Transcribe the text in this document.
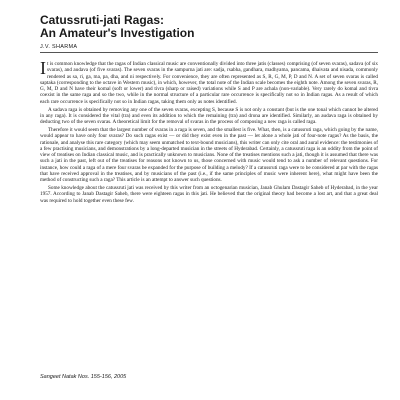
Catussruti-jati Ragas:
An Amateur's Investigation
J.V. SHARMA

It is common knowledge that the ragas of Indian classical music are conventionally divided into three jatis (classes) comprising (of seven svaras), sadava (of six svaras), and audava (of five svaras). The seven svaras in the sampurna jati are: sadja, rsabha, gandhara, madhyama, pancama, dhaivata and nisada, commonly rendered as sa, ri, ga, ma, pa, dha, and ni respectively. For convenience, they are often represented as S, R, G, M, P, D and N. A set of seven svaras is called saptaka (corresponding to the octave in Western music), in which, however, the total note of the Indian scale becomes the eighth note. Among the seven svaras, R, G, M, D and N have their komal (soft or lower) and tivra (sharp or raised) variations while S and P are achala (non-variable). Very rarely do komal and tivra coexist in the same raga and so the two, while in the normal structure of a particular rare occurrence is specifically not so in Indian ragas. As a result of which each rare occurrence is specifically not so in Indian ragas, taking them only as notes identified.

A sadava raga is obtained by removing any one of the seven svaras, excepting S, because S is not only a constant (but is the one tonal which cannot be altered in any raga). It is considered the vital (tra) and even its addition to which the remaining (tra) and drona are identified. Similarly, an audava raga is obtained by deducting two of the seven svaras. A theoretical limit for the removal of svaras in the process of composing a new raga is called raga.

Therefore it would seem that the largest number of svaras in a raga is seven, and the smallest is five. What, then, is a catussruti raga, which going by the name, would appear to have only four svaras? Do such ragas exist — or did they exist even in the past — let alone a whole jati of four-note ragas? As the basis, the rationale, and analyse this rare category (which may seem unmatched to text-bound musicians), this writer can only cite oral and aural evidence: the testimonies of a few practising musicians, and demonstrations by a long-departed musician in the streets of Hyderabad. Certainly, a catussruti raga is an oddity from the point of view of treatises on Indian classical music, and is practically unknown to musicians. None of the treatises mentions such a jati, though it is assumed that there was such a jati in the past, left out of the treatises for reasons not known to us, those concerned with music would tend to ask a number of relevant questions. For instance, how could a raga of a mere four svaras be expanded for the purpose of building a melody? If a catussruti raga were to be considered at par with the ragas that have received approval in the treatises, and by musicians of the past (i.e., if the same principles of music were inherent here), what might have been the method of constructing such a raga? This article is an attempt to answer such questions.

Some knowledge about the catussruti jati was received by this writer from an octogenarian musician, Janab Ghulam Dastagir Saheb of Hyderabad, in the year 1957. According to Janab Dastagir Saheb, there were eighteen ragas in this jati. He believed that the original theory had become a lost art, and that a great deal was required to hold together even these few.

Sangeet Natak Nos. 155-156, 2005
